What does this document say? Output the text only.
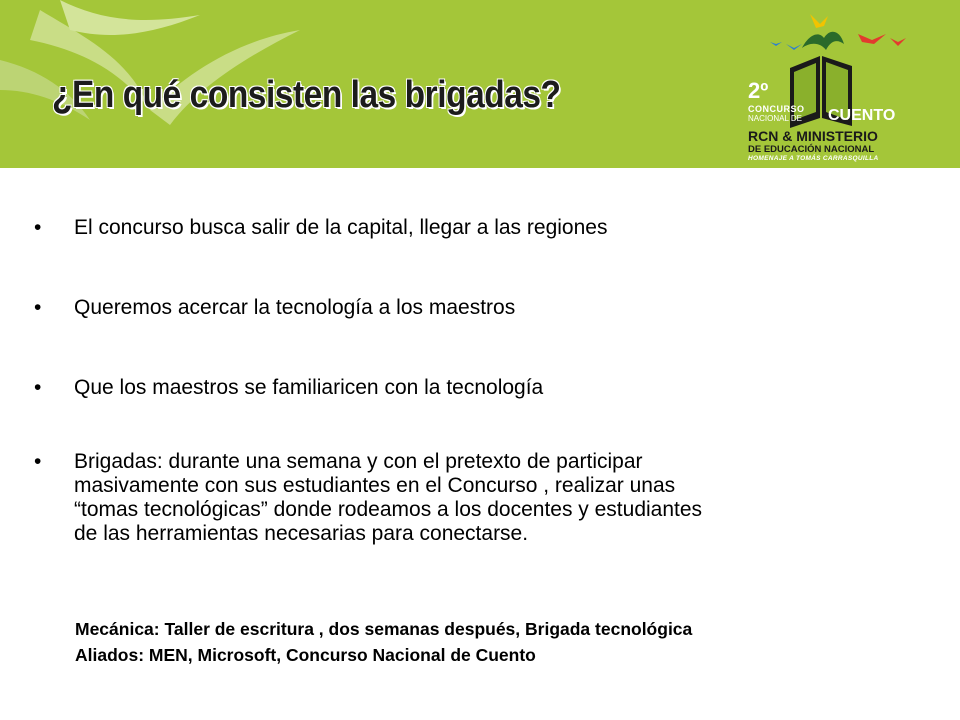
¿En qué consisten las brigadas?	2º
CONCURSO
NACIONAL DE CUENTO
RCN & MINISTERIO
DE EDUCACIÓN NACIONAL
HOMENAJE A TOMÁS CARRASQUILLA
• El concurso busca salir de la capital, llegar a las regiones
• Queremos acercar la tecnología a los maestros
• Que los maestros se familiaricen con la tecnología
• Brigadas: durante una semana y con el pretexto de participar
masivamente con sus estudiantes en el Concurso , realizar unas
“tomas tecnológicas” donde rodeamos a los docentes y estudiantes
de las herramientas necesarias para conectarse.
Mecánica: Taller de escritura , dos semanas después, Brigada tecnológica
Aliados: MEN, Microsoft, Concurso Nacional de Cuento
